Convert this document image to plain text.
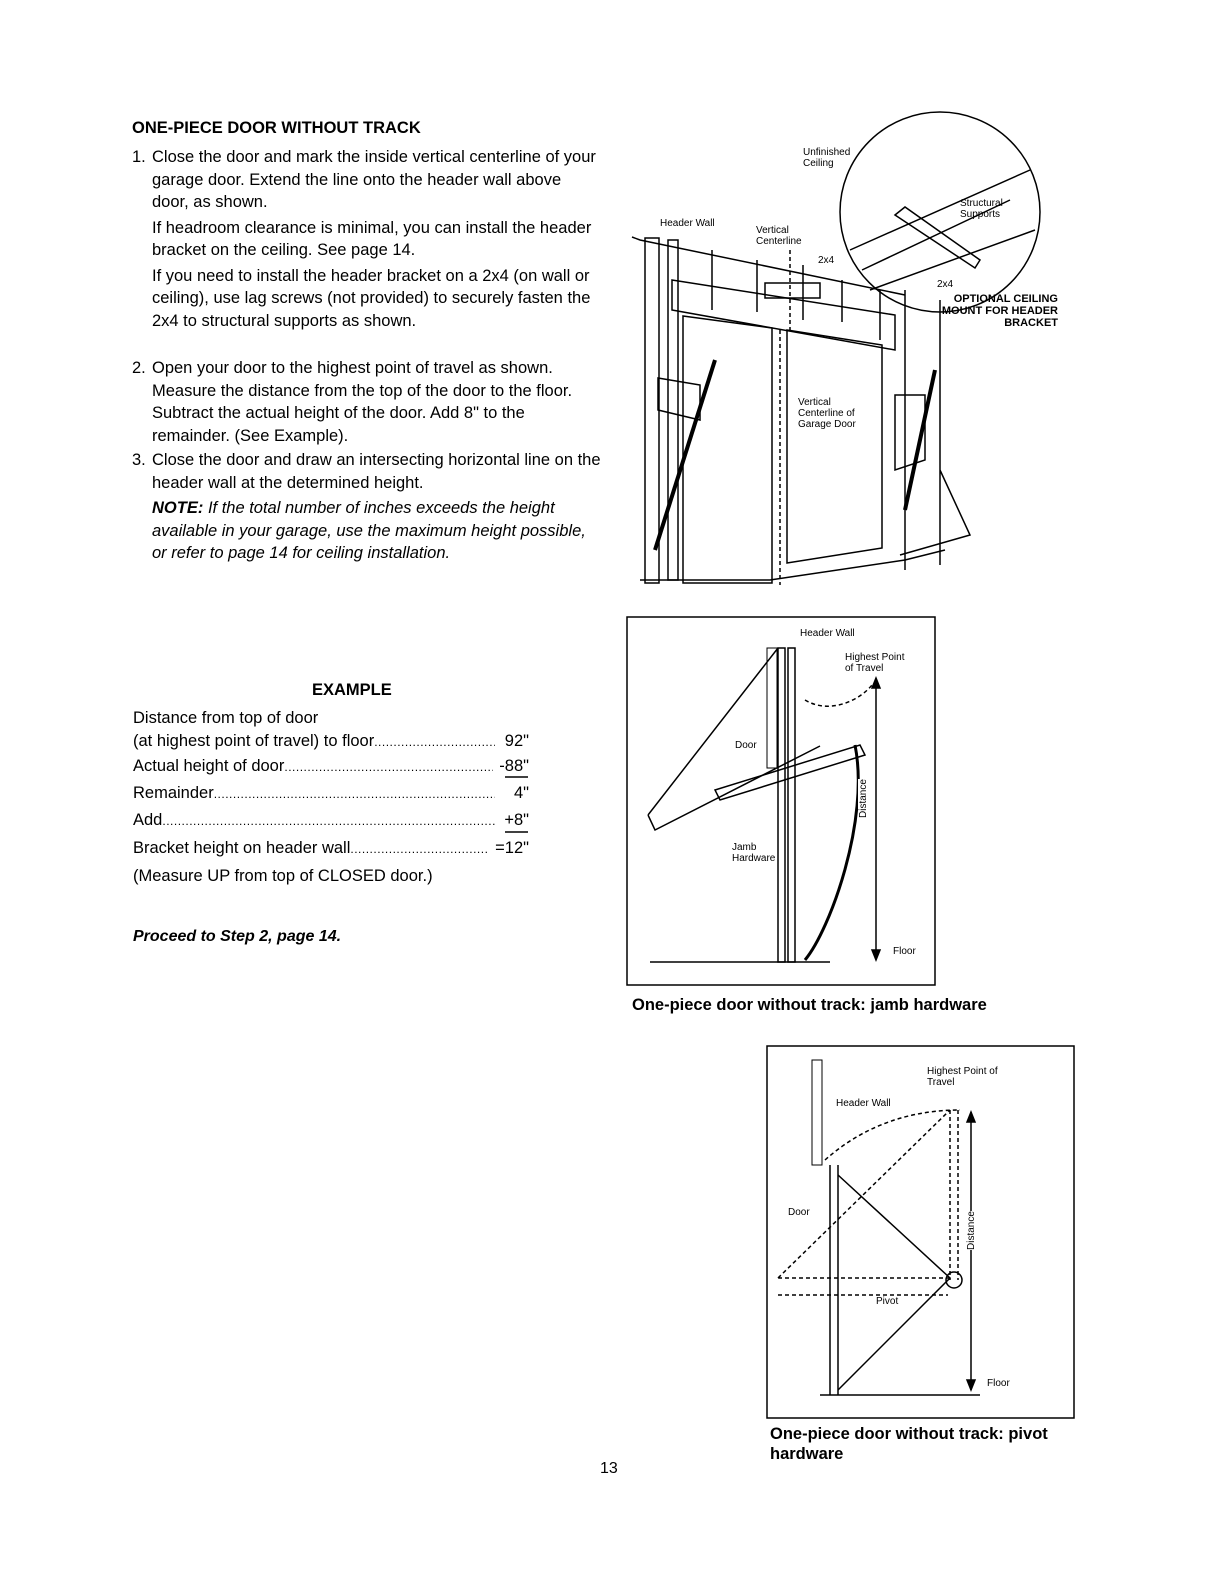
ONE-PIECE DOOR WITHOUT TRACK
1. Close the door and mark the inside vertical centerline of your garage door. Extend the line onto the header wall above door, as shown.
If headroom clearance is minimal, you can install the header bracket on the ceiling. See page 14.
If you need to install the header bracket on a 2x4 (on wall or ceiling), use lag screws (not provided) to securely fasten the 2x4 to structural supports as shown.
2. Open your door to the highest point of travel as shown. Measure the distance from the top of the door to the floor. Subtract the actual height of the door. Add 8" to the remainder. (See Example).
3. Close the door and draw an intersecting horizontal line on the header wall at the determined height.
NOTE: If the total number of inches exceeds the height available in your garage, use the maximum height possible, or refer to page 14 for ceiling installation.
EXAMPLE
Distance from top of door
(at highest point of travel) to floor .....	92"
Actual height of door .....	-88"
Remainder .....	4"
Add .....	+8"
Bracket height on header wall .....	=12"
(Measure UP from top of CLOSED door.)
Proceed to Step 2, page 14.
Unfinished Ceiling
Structural Supports
Header Wall
Vertical Centerline
2x4
2x4
Vertical Centerline of Garage Door
OPTIONAL CEILING MOUNT FOR HEADER BRACKET
Header Wall
Highest Point of Travel
Door
Jamb Hardware
Distance
Floor
One-piece door without track: jamb hardware
Highest Point of Travel
Header Wall
Door	Distance
Pivot
Floor
One-piece door without track: pivot hardware
13
